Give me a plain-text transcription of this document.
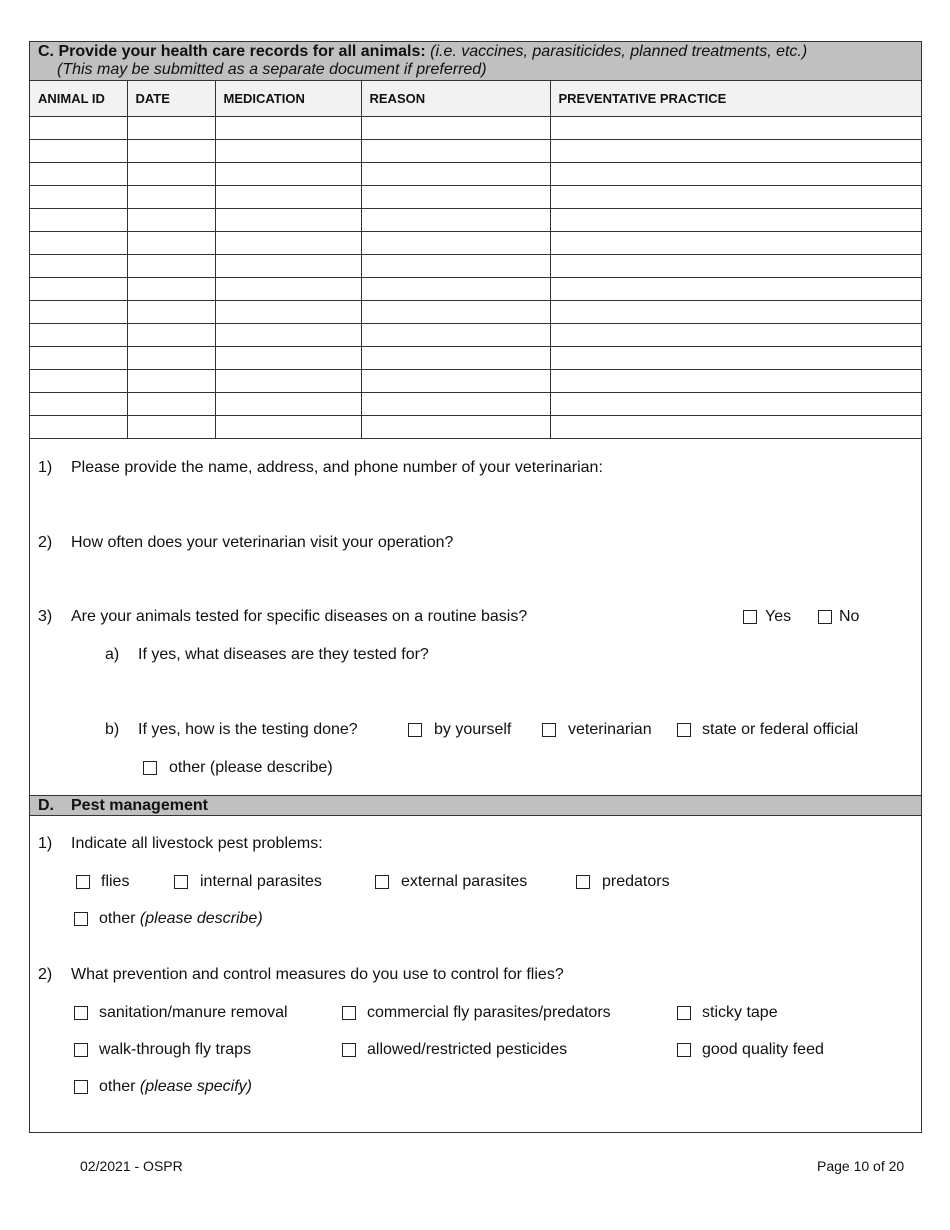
C. Provide your health care records for all animals: (i.e. vaccines, parasiticides, planned treatments, etc.)
(This may be submitted as a separate document if preferred)
ANIMAL ID	DATE	MEDICATION	REASON	PREVENTATIVE PRACTICE

1) Please provide the name, address, and phone number of your veterinarian:
2) How often does your veterinarian visit your operation?
3) Are your animals tested for specific diseases on a routine basis?	Yes	No
a) If yes, what diseases are they tested for?
b) If yes, how is the testing done?	by yourself	veterinarian	state or federal official
other (please describe)
D. Pest management
1) Indicate all livestock pest problems:
flies	internal parasites	external parasites	predators
other (please describe)
2) What prevention and control measures do you use to control for flies?
sanitation/manure removal	commercial fly parasites/predators	sticky tape
walk-through fly traps	allowed/restricted pesticides	good quality feed
other (please specify)
02/2021 - OSPR	Page 10 of 20
